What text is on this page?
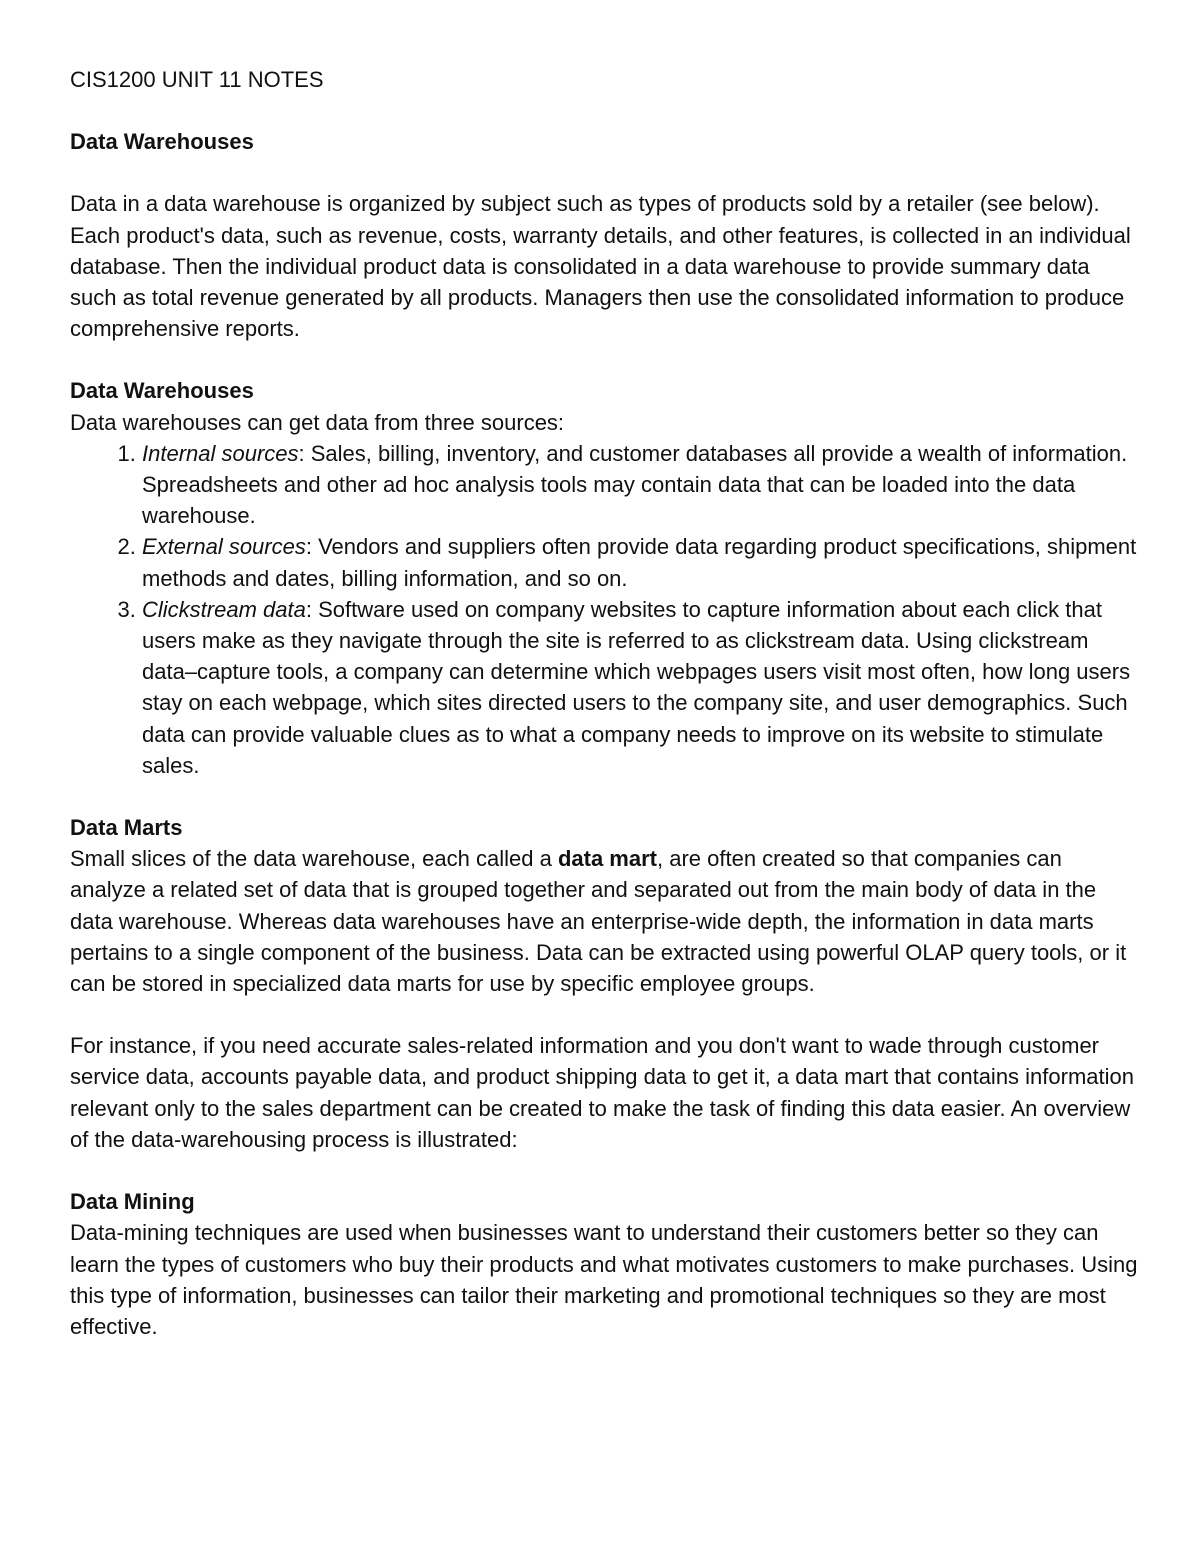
CIS1200 UNIT 11 NOTES
Data Warehouses

Data in a data warehouse is organized by subject such as types of products sold by a retailer (see below). Each product's data, such as revenue, costs, warranty details, and other features, is collected in an individual database. Then the individual product data is consolidated in a data warehouse to provide summary data such as total revenue generated by all products. Managers then use the consolidated information to produce comprehensive reports.

Data Warehouses

Data warehouses can get data from three sources:

1. Internal sources: Sales, billing, inventory, and customer databases all provide a wealth of information. Spreadsheets and other ad hoc analysis tools may contain data that can be loaded into the data warehouse.
2. External sources: Vendors and suppliers often provide data regarding product specifications, shipment methods and dates, billing information, and so on.
3. Clickstream data: Software used on company websites to capture information about each click that users make as they navigate through the site is referred to as clickstream data. Using clickstream data–capture tools, a company can determine which webpages users visit most often, how long users stay on each webpage, which sites directed users to the company site, and user demographics. Such data can provide valuable clues as to what a company needs to improve on its website to stimulate sales.
Data Marts

Small slices of the data warehouse, each called a data mart, are often created so that companies can analyze a related set of data that is grouped together and separated out from the main body of data in the data warehouse. Whereas data warehouses have an enterprise-wide depth, the information in data marts pertains to a single component of the business. Data can be extracted using powerful OLAP query tools, or it can be stored in specialized data marts for use by specific employee groups.

For instance, if you need accurate sales-related information and you don't want to wade through customer service data, accounts payable data, and product shipping data to get it, a data mart that contains information relevant only to the sales department can be created to make the task of finding this data easier. An overview of the data-warehousing process is illustrated:

Data Mining

Data-mining techniques are used when businesses want to understand their customers better so they can learn the types of customers who buy their products and what motivates customers to make purchases. Using this type of information, businesses can tailor their marketing and promotional techniques so they are most effective.
